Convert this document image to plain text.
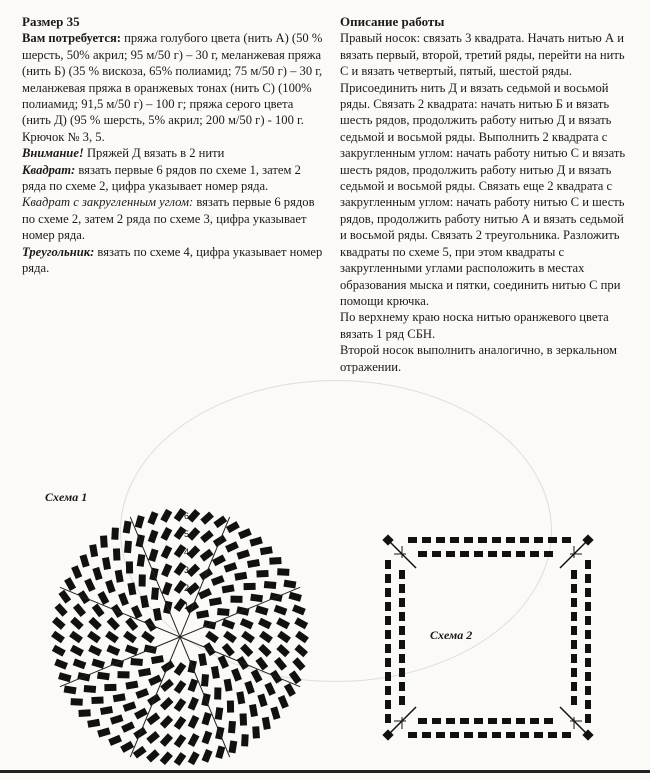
Размер 35

Вам потребуется: пряжа голубого цвета (нить А) (50 % шерсть, 50% акрил; 95 м/50 г) – 30 г, меланжевая пряжа (нить Б) (35 % вискоза, 65% полиамид; 75 м/50 г) – 30 г, меланжевая пряжа в оранжевых тонах (нить С) (100% полиамид; 91,5 м/50 г) – 100 г; пряжа серого цвета (нить Д) (95 % шерсть, 5% акрил; 200 м/50 г) - 100 г.

Крючок № 3, 5.

Внимание! Пряжей Д вязать в 2 нити

Квадрат: вязать первые 6 рядов по схеме 1, затем 2 ряда по схеме 2, цифра указывает номер ряда.

Квадрат с закругленным углом: вязать первые 6 рядов по схеме 2, затем 2 ряда по схеме 3, цифра указывает номер ряда.

Треугольник: вязать по схеме 4, цифра указывает номер ряда.

Описание работы

Правый носок: связать 3 квадрата. Начать нитью А и вязать первый, второй, третий ряды, перейти на нить С и вязать четвертый, пятый, шестой ряды. Присоединить нить Д и вязать седьмой и восьмой ряды. Связать 2 квадрата: начать нитью Б и вязать шесть рядов, продолжить работу нитью Д и вязать седьмой и восьмой ряды. Выполнить 2 квадрата с закругленным углом: начать работу нитью С и вязать шесть рядов, продолжить работу нитью Д и вязать седьмой и восьмой ряды. Связать еще 2 квадрата с закругленным углом: начать работу нитью С и шесть рядов, продолжить работу нитью А и вязать седьмой и восьмой ряды. Связать 2 треугольника. Разложить квадраты по схеме 5, при этом квадраты с закругленными углами расположить в местах образования мыска и пятки, соединить нитью С при помощи крючка.

По верхнему краю носка нитью оранжевого цвета вязать 1 ряд СБН.

Второй носок выполнить аналогично, в зеркальном отражении.

Схема 1
6
5
4
3
2
1
Схема 2
